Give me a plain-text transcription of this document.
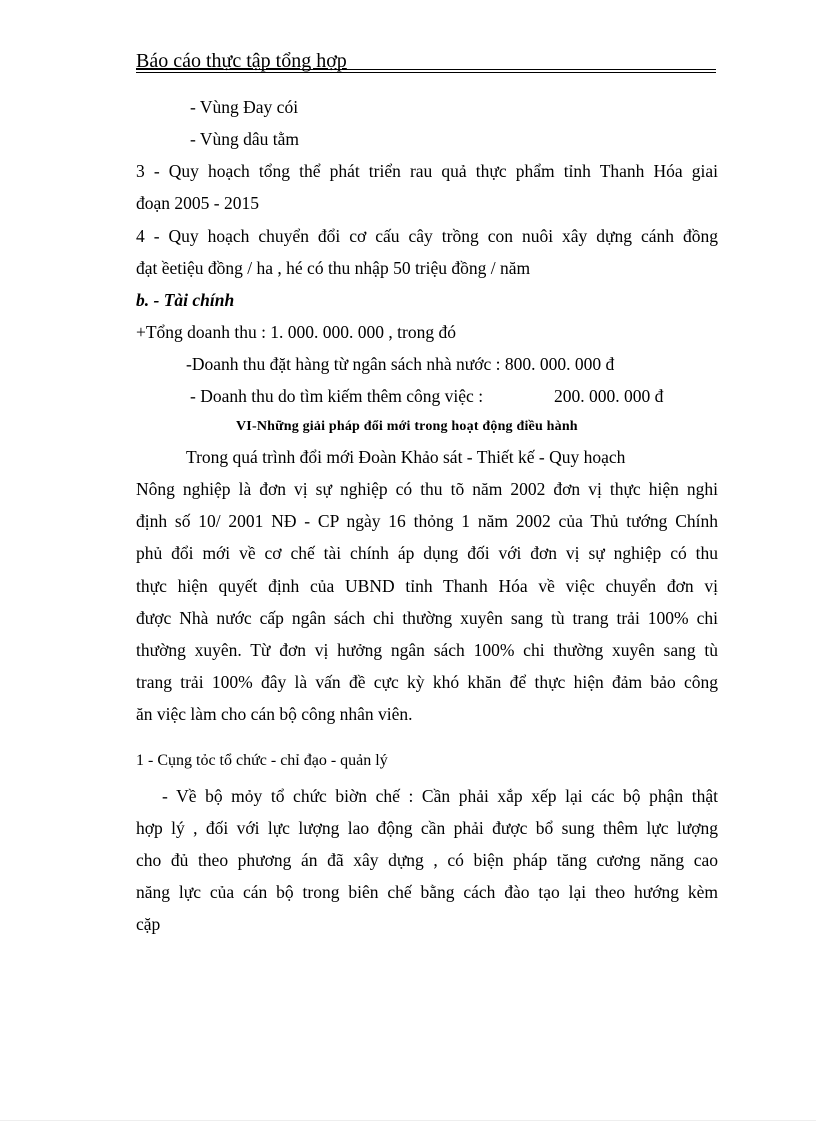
Báo cáo thực tập tổng hợp
- Vùng Đay cói
- Vùng dâu tằm
3 - Quy hoạch tổng thể phát triển rau quả thực phẩm tỉnh Thanh Hóa giai
đoạn 2005 - 2015
4 - Quy hoạch chuyển đổi cơ cấu cây trồng con nuôi xây dựng cánh đồng
đạt ềetiệu đồng / ha , hé có thu nhập 50 triệu đồng / năm
b. - Tài chính
+Tổng doanh thu : 1. 000. 000. 000 , trong đó
-Doanh thu đặt hàng từ ngân sách nhà nước : 800. 000. 000 đ
- Doanh thu do tìm kiếm thêm công việc :	200. 000. 000 đ
VI-Những giải pháp đổi mới trong hoạt động điều hành
Trong quá trình đổi mới Đoàn Khảo sát - Thiết kế - Quy hoạch
Nông nghiệp là đơn vị sự nghiệp có thu tõ năm 2002 đơn vị thực hiện nghi
định số 10/ 2001 NĐ - CP ngày 16 thỏng 1 năm 2002 của Thủ tướng Chính
phủ đổi mới về cơ chế tài chính áp dụng đối với đơn vị sự nghiệp có thu
thực hiện quyết định của UBND tỉnh Thanh Hóa về việc chuyển đơn vị
được Nhà nước cấp ngân sách chi thường xuyên sang tù trang trải 100% chi
thường xuyên. Từ đơn vị hưởng ngân sách 100% chi thường xuyên sang tù
trang trải 100% đây là vấn đề cực kỳ khó khăn để thực hiện đảm bảo công
ăn việc làm cho cán bộ công nhân viên.
1 - Cụng tỏc tổ chức - chỉ đạo - quản lý
- Về bộ mỏy tổ chức biờn chế : Cần phải xắp xếp lại các bộ phận thật
hợp lý , đối với lực lượng lao động cần phải được bổ sung thêm lực lượng
cho đủ theo phương án đã xây dựng , có biện pháp tăng cương năng cao
năng lực của cán bộ trong biên chế bằng cách đào tạo lại theo hướng kèm
cặp
